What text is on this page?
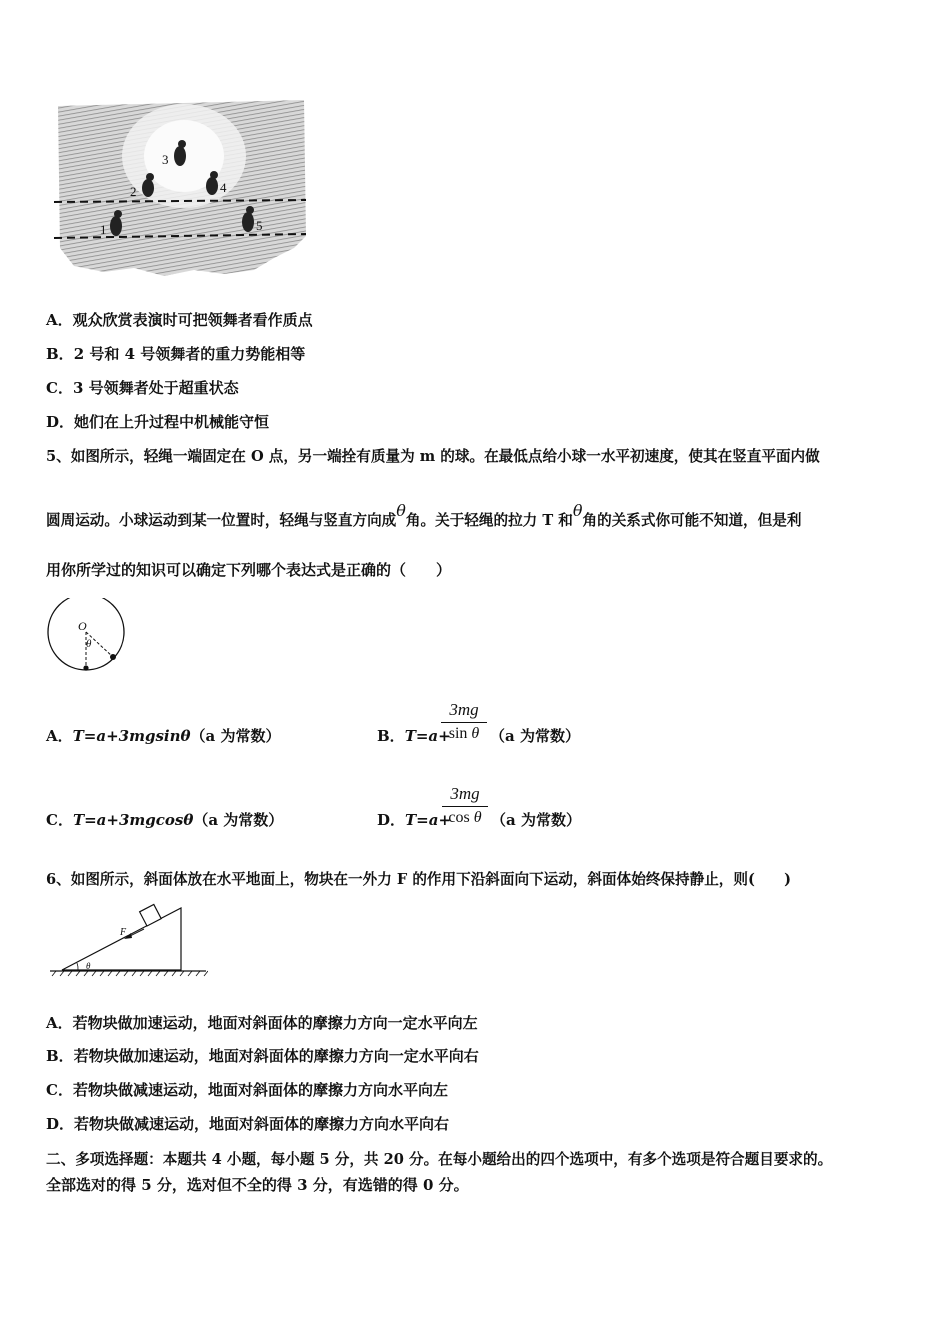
1
2
3
4
5
A．观众欣赏表演时可把领舞者看作质点
B．2 号和 4 号领舞者的重力势能相等
C．3 号领舞者处于超重状态
D．她们在上升过程中机械能守恒
5、如图所示，轻绳一端固定在 O 点，另一端拴有质量为 m 的球。在最低点给小球一水平初速度，使其在竖直平面内做
圆周运动。小球运动到某一位置时，轻绳与竖直方向成θ角。关于轻绳的拉力 T 和θ角的关系式你可能不知道，但是利
用你所学过的知识可以确定下列哪个表达式是正确的（　　）
O
θ
A．T=a+3mgsinθ（a 为常数）	B．T=a+
3mg
sin θ （a 为常数）
C．T=a+3mgcosθ（a 为常数）	D．T=a+
3mg
cos θ （a 为常数）
6、如图所示，斜面体放在水平地面上，物块在一外力 F 的作用下沿斜面向下运动，斜面体始终保持静止，则(　　)
F
θ
A．若物块做加速运动，地面对斜面体的摩擦力方向一定水平向左
B．若物块做加速运动，地面对斜面体的摩擦力方向一定水平向右
C．若物块做减速运动，地面对斜面体的摩擦力方向水平向左
D．若物块做减速运动，地面对斜面体的摩擦力方向水平向右
二、多项选择题：本题共 4 小题，每小题 5 分，共 20 分。在每小题给出的四个选项中，有多个选项是符合题目要求的。
全部选对的得 5 分，选对但不全的得 3 分，有选错的得 0 分。
